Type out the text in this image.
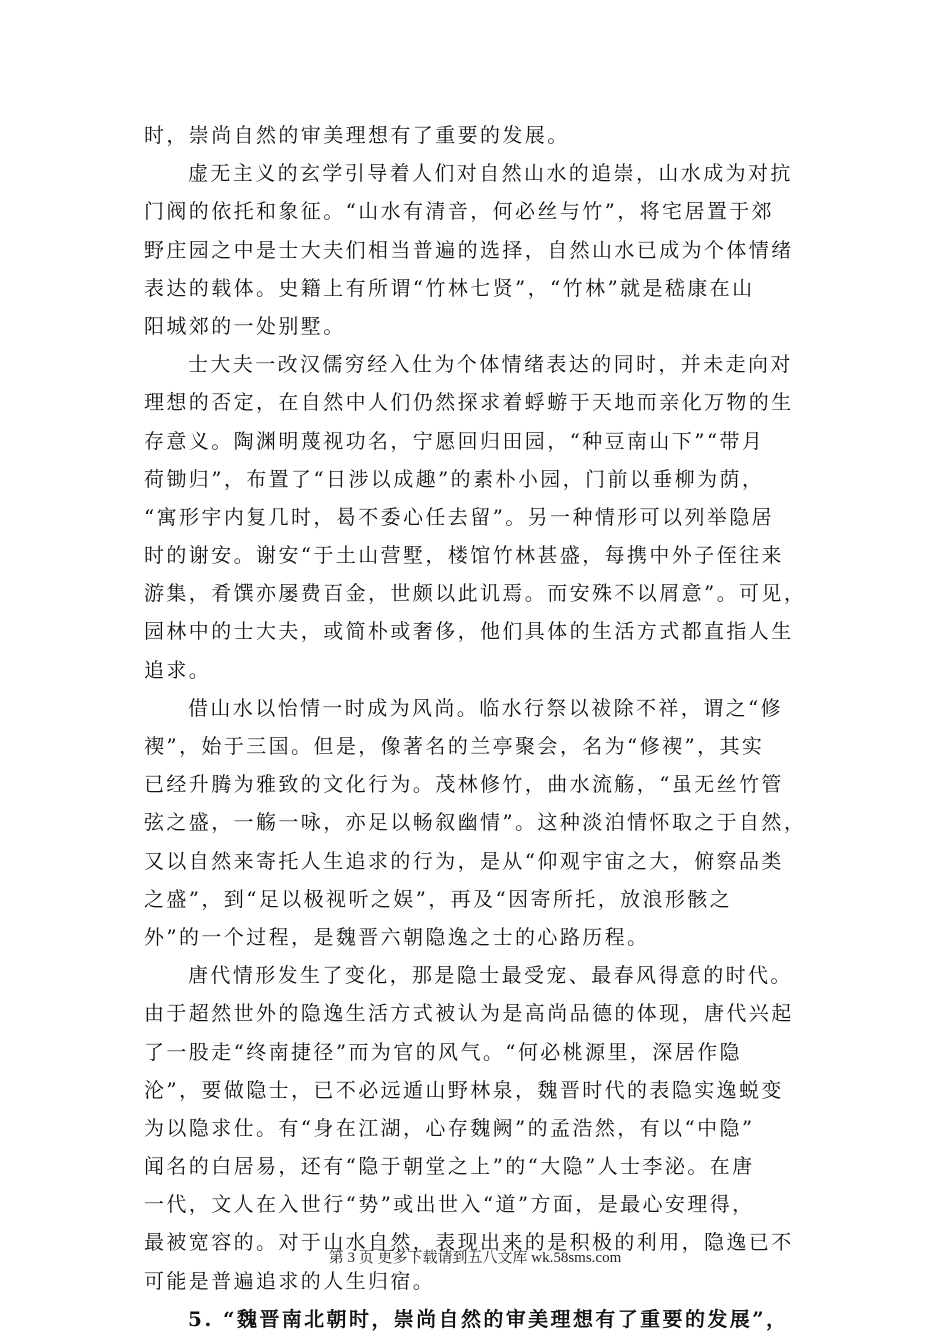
时，崇尚自然的审美理想有了重要的发展。
虚无主义的玄学引导着人们对自然山水的追崇，山水成为对抗
门阀的依托和象征。“山水有清音，何必丝与竹”，将宅居置于郊
野庄园之中是士大夫们相当普遍的选择，自然山水已成为个体情绪
表达的载体。史籍上有所谓“竹林七贤”，“竹林”就是嵇康在山
阳城郊的一处别墅。
士大夫一改汉儒穷经入仕为个体情绪表达的同时，并未走向对
理想的否定，在自然中人们仍然探求着蜉蝣于天地而亲化万物的生
存意义。陶渊明蔑视功名，宁愿回归田园，“种豆南山下”“带月
荷锄归”，布置了“日涉以成趣”的素朴小园，门前以垂柳为荫，
“寓形宇内复几时，曷不委心任去留”。另一种情形可以列举隐居
时的谢安。谢安“于土山营墅，楼馆竹林甚盛，每携中外子侄往来
游集，肴馔亦屡费百金，世颇以此讥焉。而安殊不以屑意”。可见，
园林中的士大夫，或简朴或奢侈，他们具体的生活方式都直指人生
追求。
借山水以怡情一时成为风尚。临水行祭以祓除不祥，谓之“修
禊”，始于三国。但是，像著名的兰亭聚会，名为“修禊”，其实
已经升腾为雅致的文化行为。茂林修竹，曲水流觞，“虽无丝竹管
弦之盛，一觞一咏，亦足以畅叙幽情”。这种淡泊情怀取之于自然，
又以自然来寄托人生追求的行为，是从“仰观宇宙之大，俯察品类
之盛”，到“足以极视听之娱”，再及“因寄所托，放浪形骸之
外”的一个过程，是魏晋六朝隐逸之士的心路历程。
唐代情形发生了变化，那是隐士最受宠、最春风得意的时代。
由于超然世外的隐逸生活方式被认为是高尚品德的体现，唐代兴起
了一股走“终南捷径”而为官的风气。“何必桃源里，深居作隐
沦”，要做隐士，已不必远遁山野林泉，魏晋时代的表隐实逸蜕变
为以隐求仕。有“身在江湖，心存魏阙”的孟浩然，有以“中隐”
闻名的白居易，还有“隐于朝堂之上”的“大隐”人士李泌。在唐
一代，文人在入世行“势”或出世入“道”方面，是最心安理得，
最被宽容的。对于山水自然，表现出来的是积极的利用，隐逸已不
可能是普遍追求的人生归宿。
5. “魏晋南北朝时，崇尚自然的审美理想有了重要的发展”，
第 3 页 更多下载请到五八文库 wk.58sms.com
